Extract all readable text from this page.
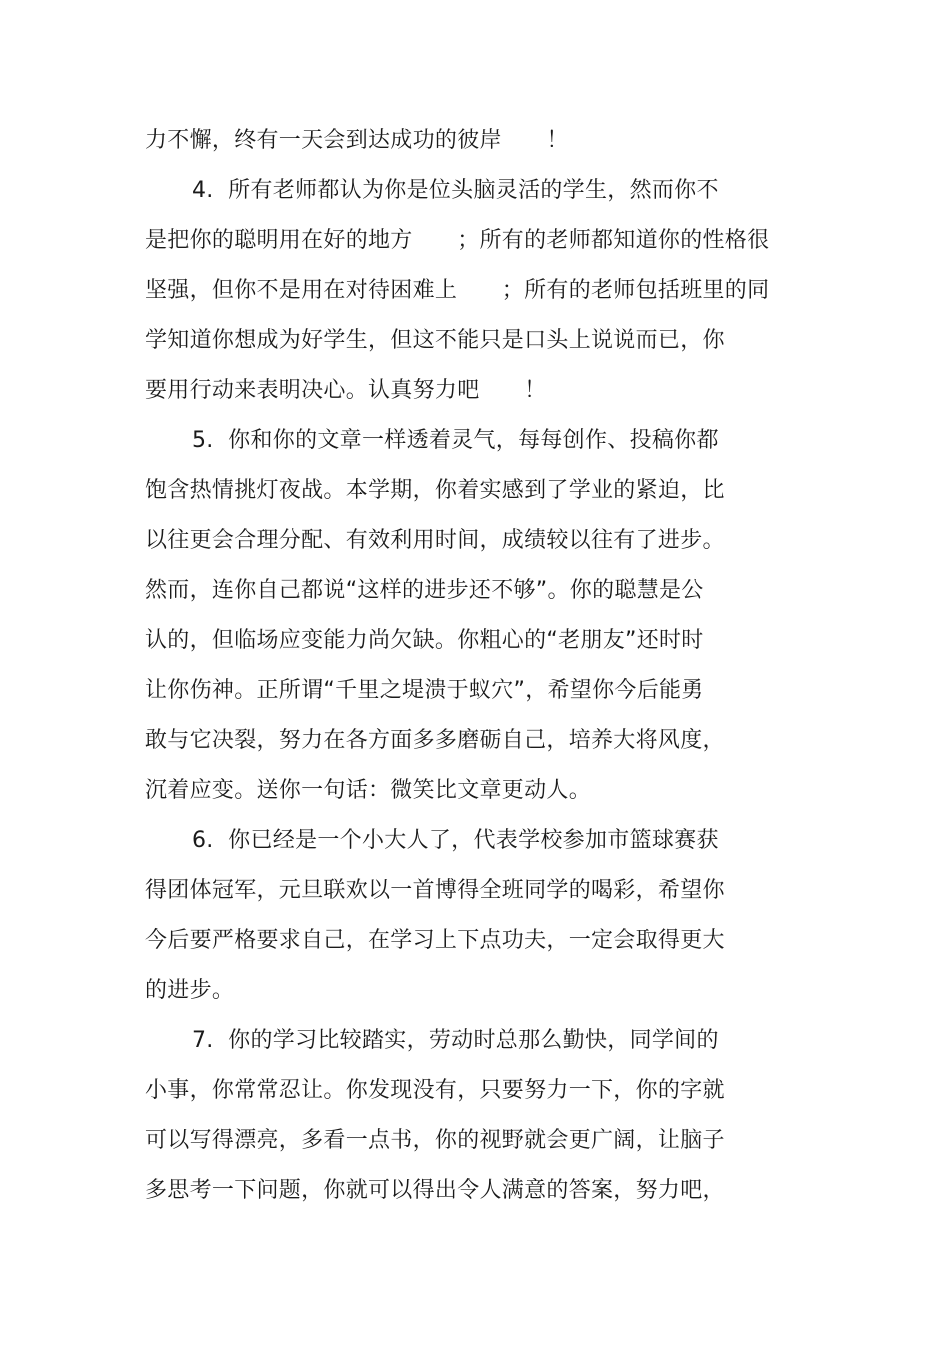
力不懈，终有一天会到达成功的彼岸　　！
4.  所有老师都认为你是位头脑灵活的学生，然而你不
是把你的聪明用在好的地方　　；所有的老师都知道你的性格很
坚强，但你不是用在对待困难上　　；所有的老师包括班里的同
学知道你想成为好学生，但这不能只是口头上说说而已，你
要用行动来表明决心。认真努力吧　　！
5.  你和你的文章一样透着灵气，每每创作、投稿你都
饱含热情挑灯夜战。本学期，你着实感到了学业的紧迫，比
以往更会合理分配、有效利用时间，成绩较以往有了进步。
然而，连你自己都说“这样的进步还不够”。你的聪慧是公
认的，但临场应变能力尚欠缺。你粗心的“老朋友”还时时
让你伤神。正所谓“千里之堤溃于蚁穴”，希望你今后能勇
敢与它决裂，努力在各方面多多磨砺自己，培养大将风度，
沉着应变。送你一句话：微笑比文章更动人。
6.  你已经是一个小大人了，代表学校参加市篮球赛获
得团体冠军，元旦联欢以一首博得全班同学的喝彩，希望你
今后要严格要求自己，在学习上下点功夫，一定会取得更大
的进步。
7.  你的学习比较踏实，劳动时总那么勤快，同学间的
小事，你常常忍让。你发现没有，只要努力一下，你的字就
可以写得漂亮，多看一点书，你的视野就会更广阔，让脑子
多思考一下问题，你就可以得出令人满意的答案，努力吧，
